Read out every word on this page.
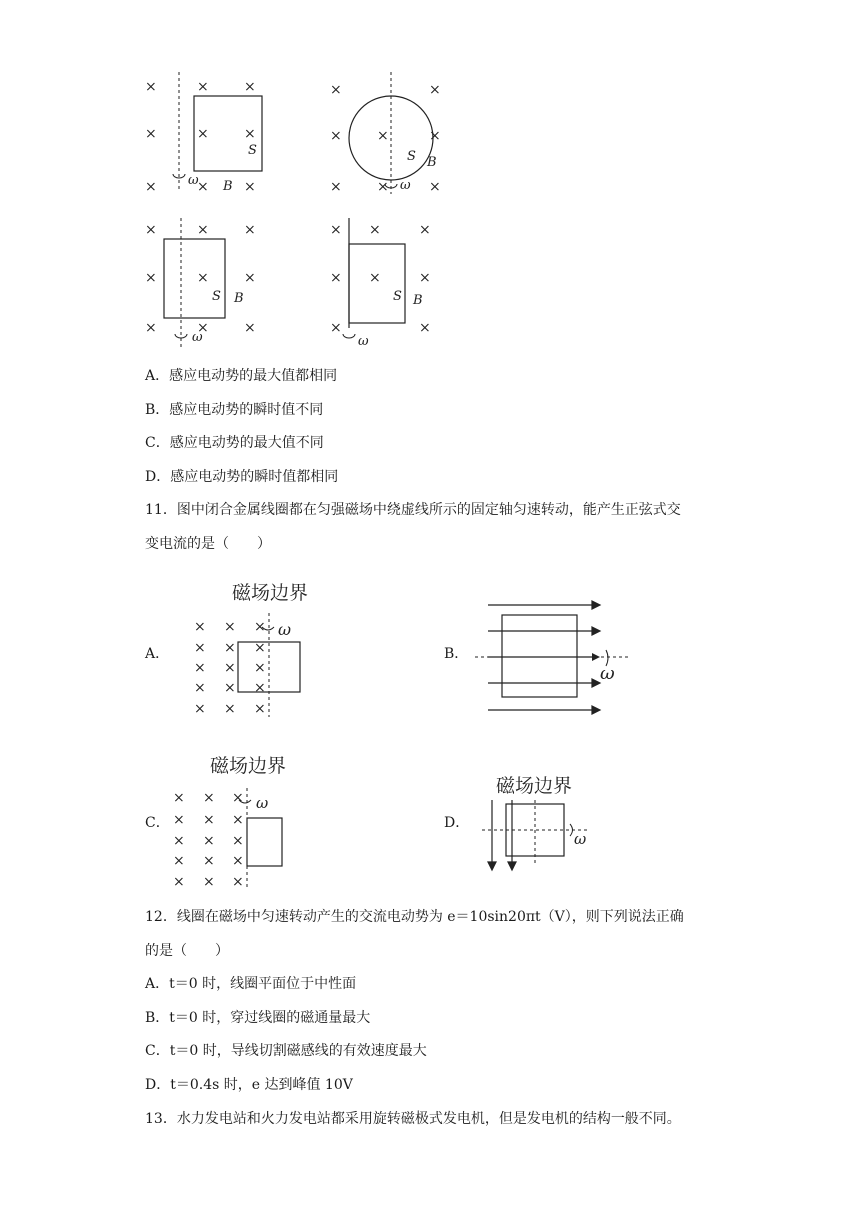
×	×	×
×	×	×
×	×	×
ω
S
B
×	×
×	×	×
×	×	×
ω
S B
×	×	×
×	×	×
×	×	×
ω
S B
× ×	×
× ×	×
×	×
ω
S B
A．感应电动势的最大值都相同
B．感应电动势的瞬时值不同
C．感应电动势的最大值不同
D．感应电动势的瞬时值都相同
11．图中闭合金属线圈都在匀强磁场中绕虚线所示的固定轴匀速转动，能产生正弦式交
变电流的是（　　）
A．	B．
C．	D．
磁场边界
× × ×
× × ×
× × ×
× × ×
× × ×
ω
ω
磁场边界
× × ×
× × ×
× × ×
× × ×
× × ×
ω
磁场边界
ω
12．线圈在磁场中匀速转动产生的交流电动势为 e＝10sin20πt（V），则下列说法正确
的是（　　）
A．t＝0 时，线圈平面位于中性面
B．t＝0 时，穿过线圈的磁通量最大
C．t＝0 时，导线切割磁感线的有效速度最大
D．t＝0.4s 时，e 达到峰值 10V
13．水力发电站和火力发电站都采用旋转磁极式发电机，但是发电机的结构一般不同。
